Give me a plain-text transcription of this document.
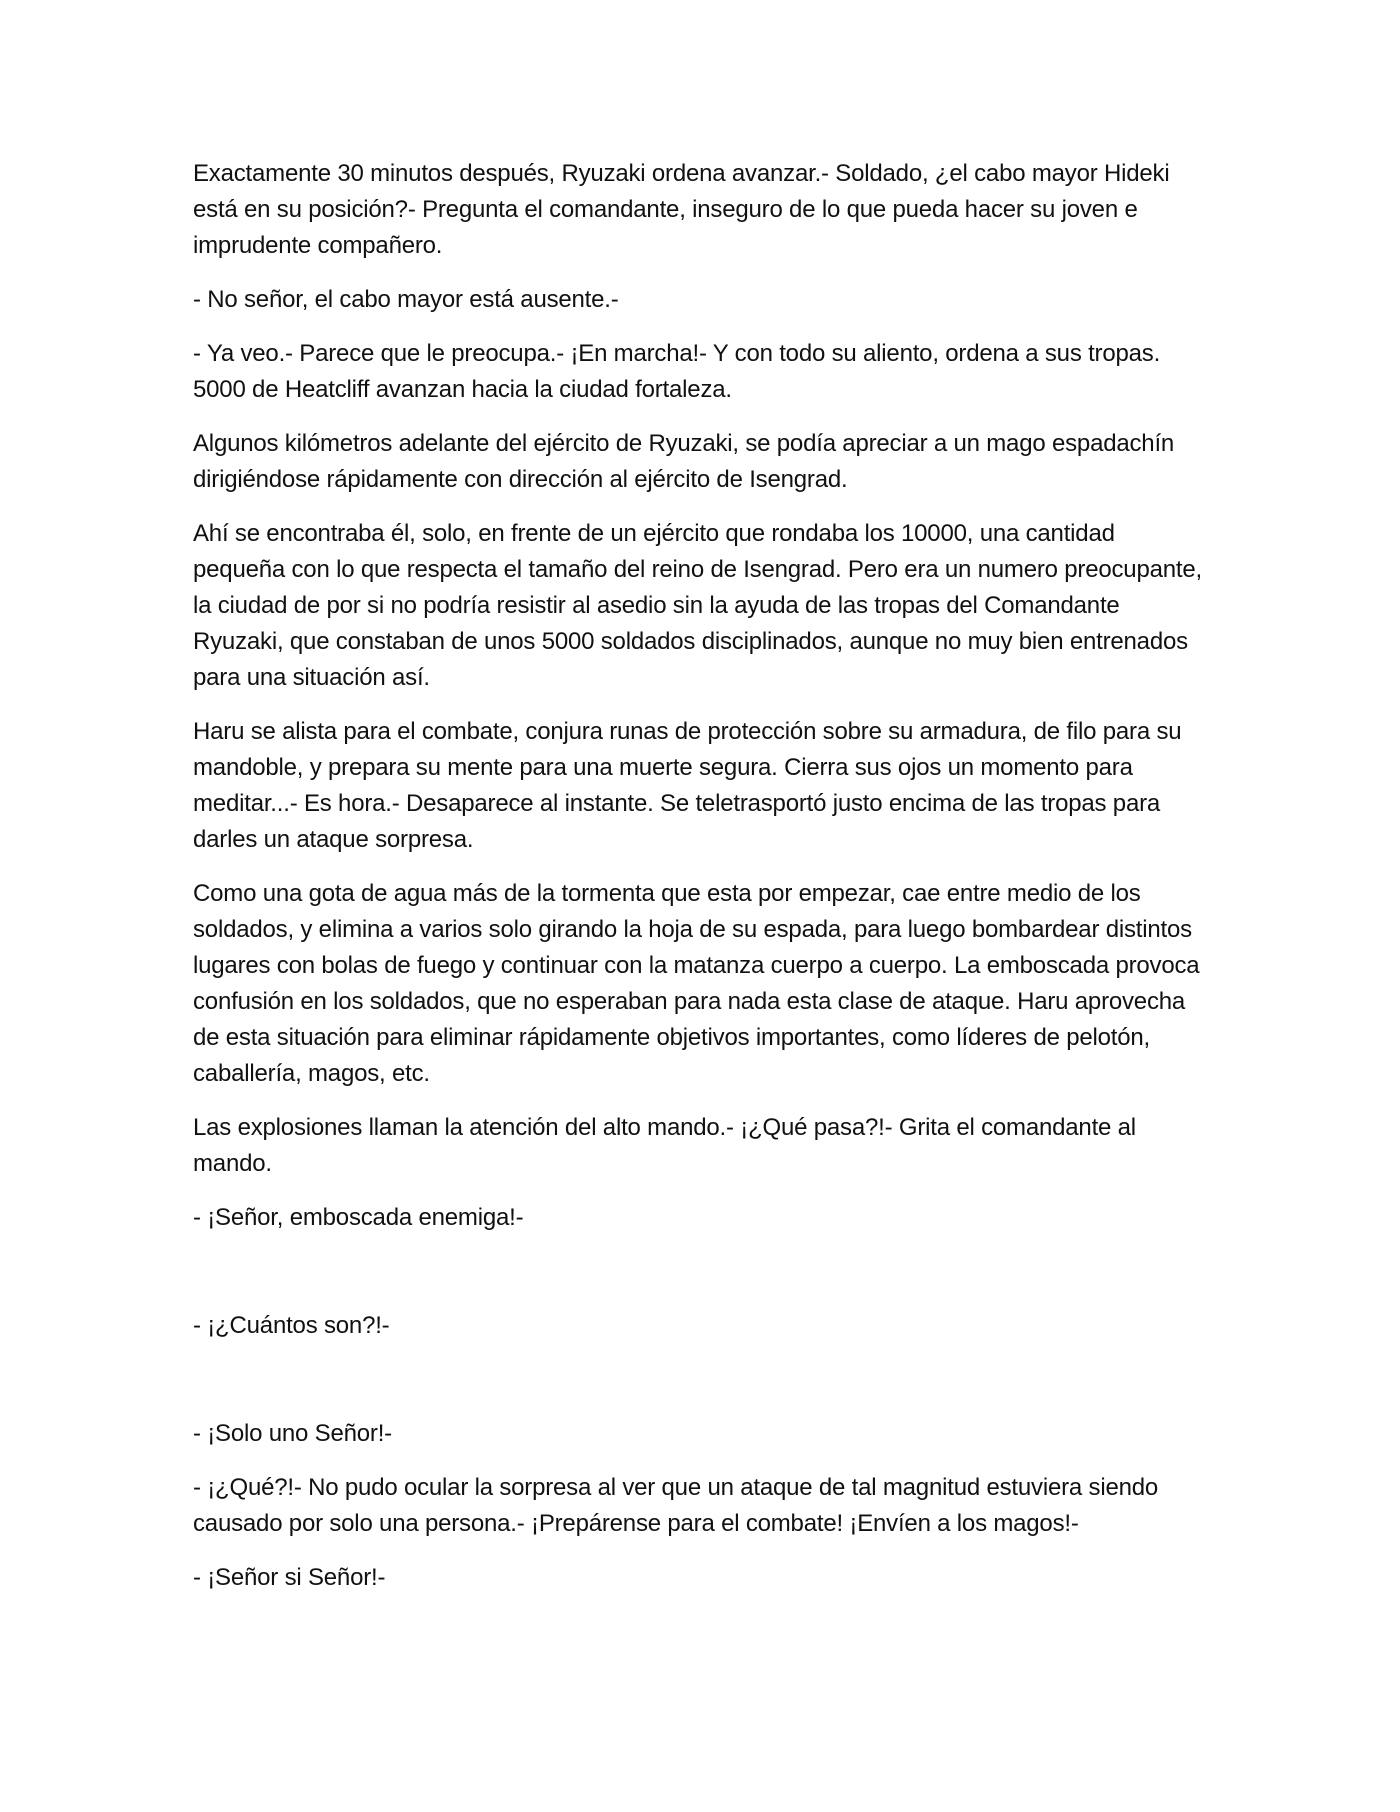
Exactamente 30 minutos después, Ryuzaki ordena avanzar.- Soldado, ¿el cabo mayor Hideki está en su posición?- Pregunta el comandante, inseguro de lo que pueda hacer su joven e imprudente compañero.

- No señor, el cabo mayor está ausente.-

- Ya veo.- Parece que le preocupa.- ¡En marcha!- Y con todo su aliento, ordena a sus tropas. 5000 de Heatcliff avanzan hacia la ciudad fortaleza.

Algunos kilómetros adelante del ejército de Ryuzaki, se podía apreciar a un mago espadachín dirigiéndose rápidamente con dirección al ejército de Isengrad.

Ahí se encontraba él, solo, en frente de un ejército que rondaba los 10000, una cantidad pequeña con lo que respecta el tamaño del reino de Isengrad. Pero era un numero preocupante, la ciudad de por si no podría resistir al asedio sin la ayuda de las tropas del Comandante Ryuzaki, que constaban de unos 5000 soldados disciplinados, aunque no muy bien entrenados para una situación así.

Haru se alista para el combate, conjura runas de protección sobre su armadura, de filo para su mandoble, y prepara su mente para una muerte segura. Cierra sus ojos un momento para meditar...- Es hora.- Desaparece al instante. Se teletrasportó justo encima de las tropas para darles un ataque sorpresa.

Como una gota de agua más de la tormenta que esta por empezar, cae entre medio de los soldados, y elimina a varios solo girando la hoja de su espada, para luego bombardear distintos lugares con bolas de fuego y continuar con la matanza cuerpo a cuerpo. La emboscada provoca confusión en los soldados, que no esperaban para nada esta clase de ataque. Haru aprovecha de esta situación para eliminar rápidamente objetivos importantes, como líderes de pelotón, caballería, magos, etc.

Las explosiones llaman la atención del alto mando.- ¡¿Qué pasa?!- Grita el comandante al mando.

- ¡Señor, emboscada enemiga!-

- ¡¿Cuántos son?!-

- ¡Solo uno Señor!-

- ¡¿Qué?!- No pudo ocular la sorpresa al ver que un ataque de tal magnitud estuviera siendo causado por solo una persona.- ¡Prepárense para el combate! ¡Envíen a los magos!-

- ¡Señor si Señor!-
